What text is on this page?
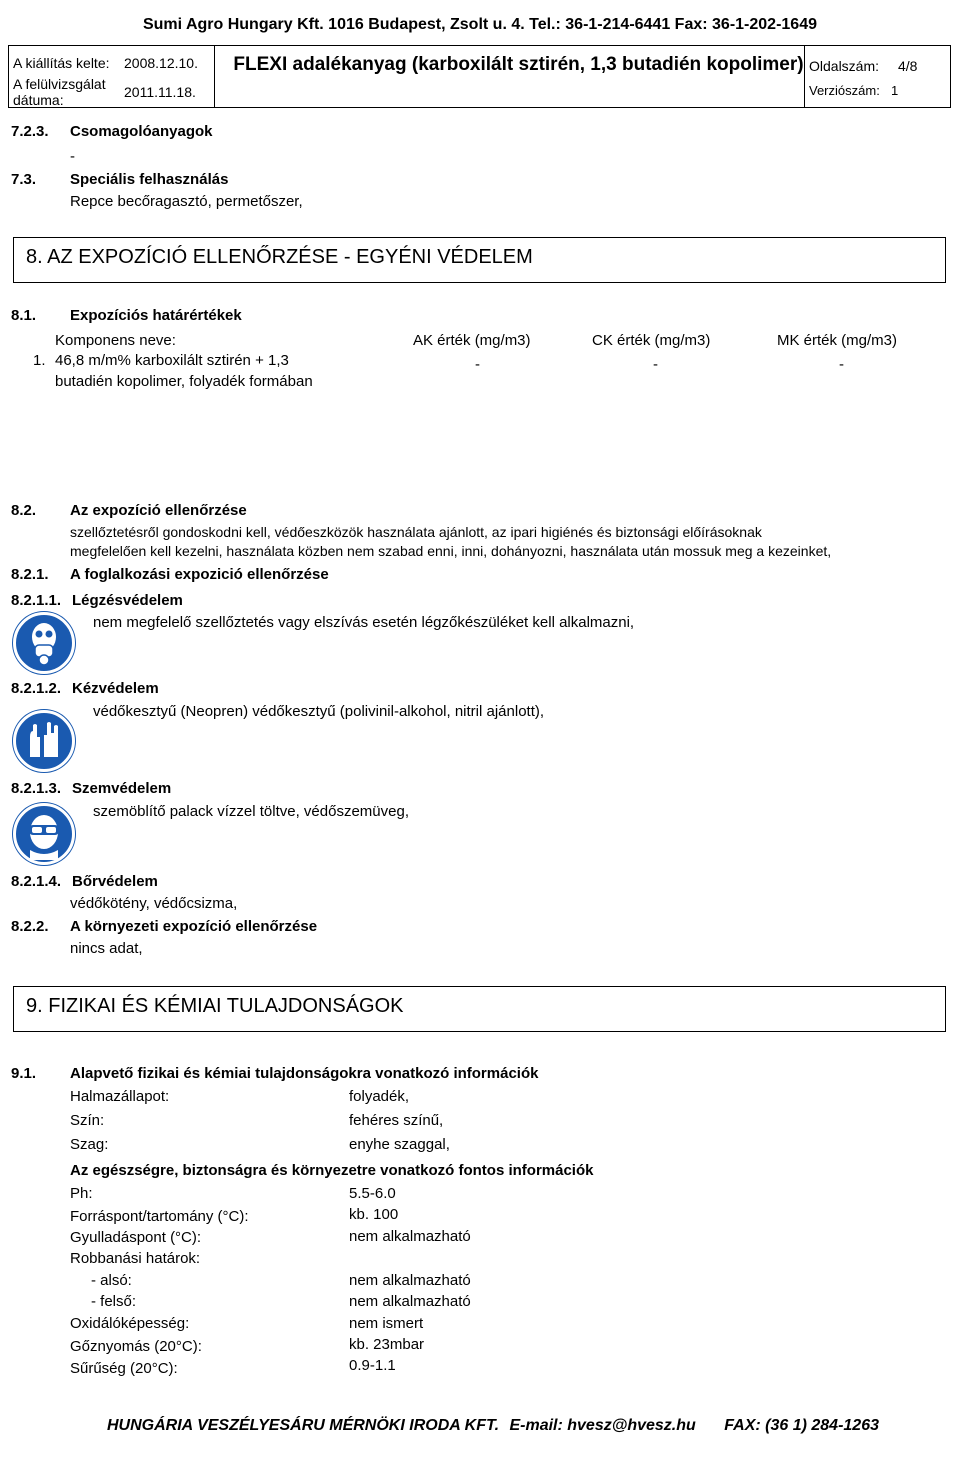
Sumi Agro Hungary Kft. 1016 Budapest, Zsolt u. 4. Tel.: 36-1-214-6441 Fax: 36-1-202-1649
A kiállítás kelte: 2008.12.10.
A felülvizsgálat
dátuma:	2011.11.18.
FLEXI adalékanyag (karboxilált sztirén, 1,3 butadién kopolimer) Oldalszám: 4/8
Verziószám: 1
7.2.3. Csomagolóanyagok
-
7.3. Speciális felhasználás
Repce becőragasztó, permetőszer,
8. AZ EXPOZÍCIÓ ELLENŐRZÉSE - EGYÉNI VÉDELEM
8.1. Expozíciós határértékek
Komponens neve:	AK érték (mg/m3)	CK érték (mg/m3)	MK érték (mg/m3)
1. 46,8 m/m% karboxilált sztirén + 1,3
butadién kopolimer, folyadék formában
-	-	-
8.2. Az expozíció ellenőrzése
szellőztetésről gondoskodni kell, védőeszközök használata ajánlott, az ipari higiénés és biztonsági előírásoknak
megfelelően kell kezelni, használata közben nem szabad enni, inni, dohányozni, használata után mossuk meg a kezeinket,
8.2.1. A foglalkozási expozició ellenőrzése
8.2.1.1. Légzésvédelem
nem megfelelő szellőztetés vagy elszívás esetén légzőkészüléket kell alkalmazni,
8.2.1.2. Kézvédelem
védőkesztyű (Neopren) védőkesztyű (polivinil-alkohol, nitril ajánlott),
8.2.1.3. Szemvédelem
szemöblítő palack vízzel töltve, védőszemüveg,
8.2.1.4. Bőrvédelem
védőkötény, védőcsizma,
8.2.2. A környezeti expozíció ellenőrzése
nincs adat,
9. FIZIKAI ÉS KÉMIAI TULAJDONSÁGOK
9.1. Alapvető fizikai és kémiai tulajdonságokra vonatkozó információk
Halmazállapot:	folyadék,
Szín:	fehéres színű,
Szag:	enyhe szaggal,
Az egészségre, biztonságra és környezetre vonatkozó fontos információk
Ph:	5.5-6.0
Forráspont/tartomány (°C):	kb. 100
Gyulladáspont (°C):	nem alkalmazható
Robbanási határok:
- alsó:	nem alkalmazható
- felső:	nem alkalmazható
Oxidálóképesség:	nem ismert
Gőznyomás (20°C):	kb. 23mbar
Sűrűség (20°C):	0.9-1.1
HUNGÁRIA VESZÉLYESÁRU MÉRNÖKI IRODA KFT. E-mail: hvesz@hvesz.hu FAX: (36 1) 284-1263
